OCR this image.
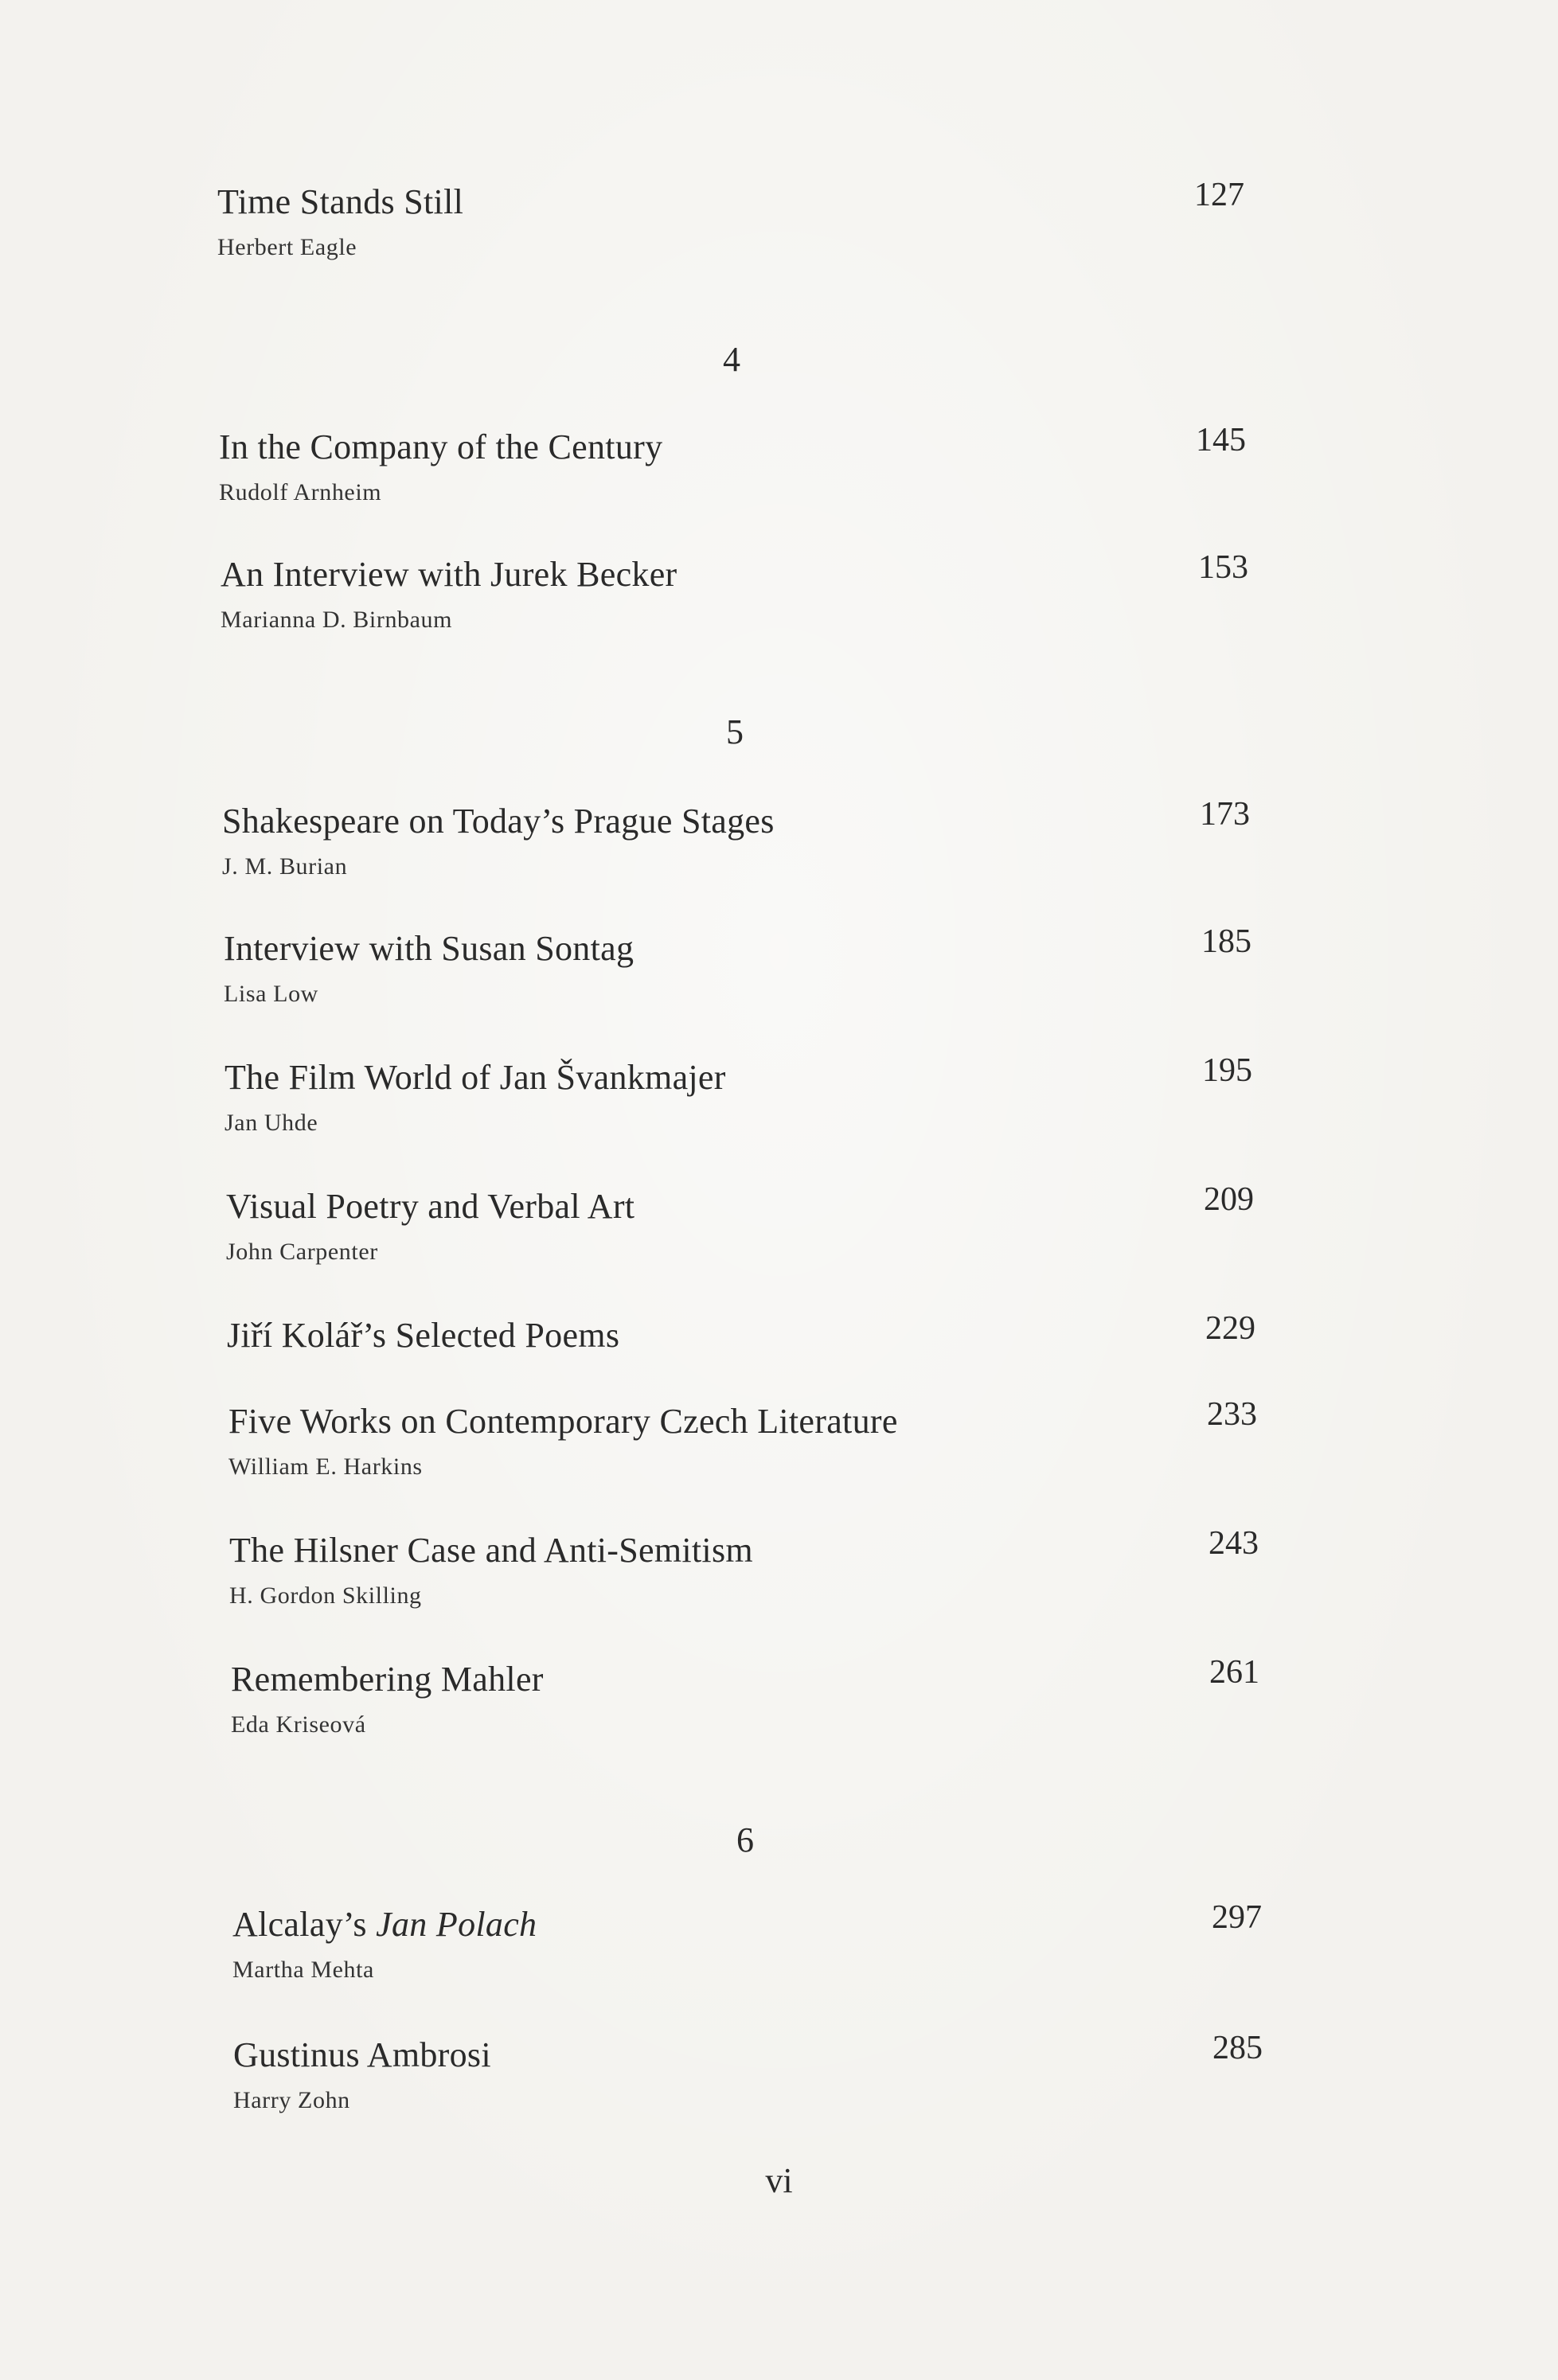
Time Stands Still
Herbert Eagle
127
4
In the Company of the Century
Rudolf Arnheim
145
An Interview with Jurek Becker
Marianna D. Birnbaum
153
5
Shakespeare on Today’s Prague Stages
J. M. Burian
173
Interview with Susan Sontag
Lisa Low
185
The Film World of Jan Švankmajer
Jan Uhde
195
Visual Poetry and Verbal Art
John Carpenter
209
Jiří Kolář’s Selected Poems	229
Five Works on Contemporary Czech Literature
William E. Harkins
233
The Hilsner Case and Anti-Semitism
H. Gordon Skilling
243
Remembering Mahler
Eda Kriseová
261
6
Alcalay’s Jan Polach
Martha Mehta
297
Gustinus Ambrosi
Harry Zohn
285
vi
